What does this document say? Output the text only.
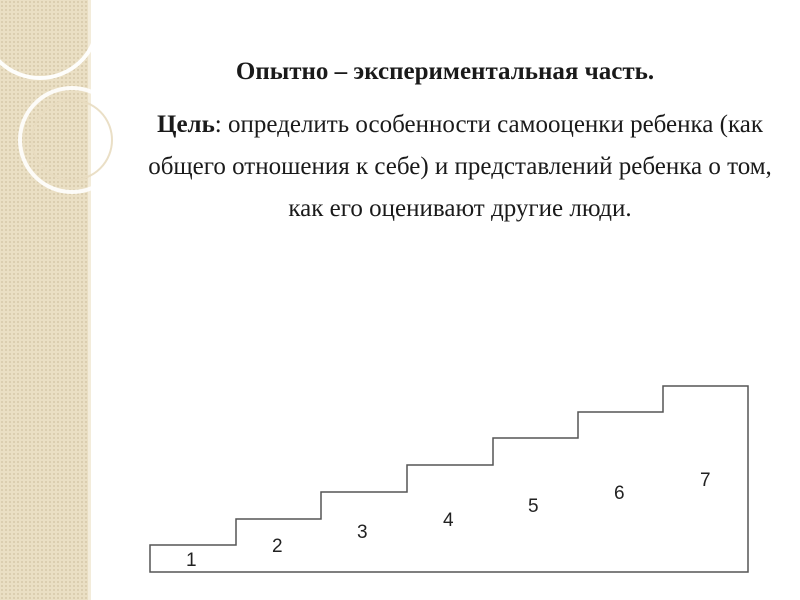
Опытно – экспериментальная часть.

Цель: определить особенности самооценки ребенка (как общего отношения к себе) и представлений ребенка о том, как его оценивают другие люди.

1
2
3
4
5
6
7
